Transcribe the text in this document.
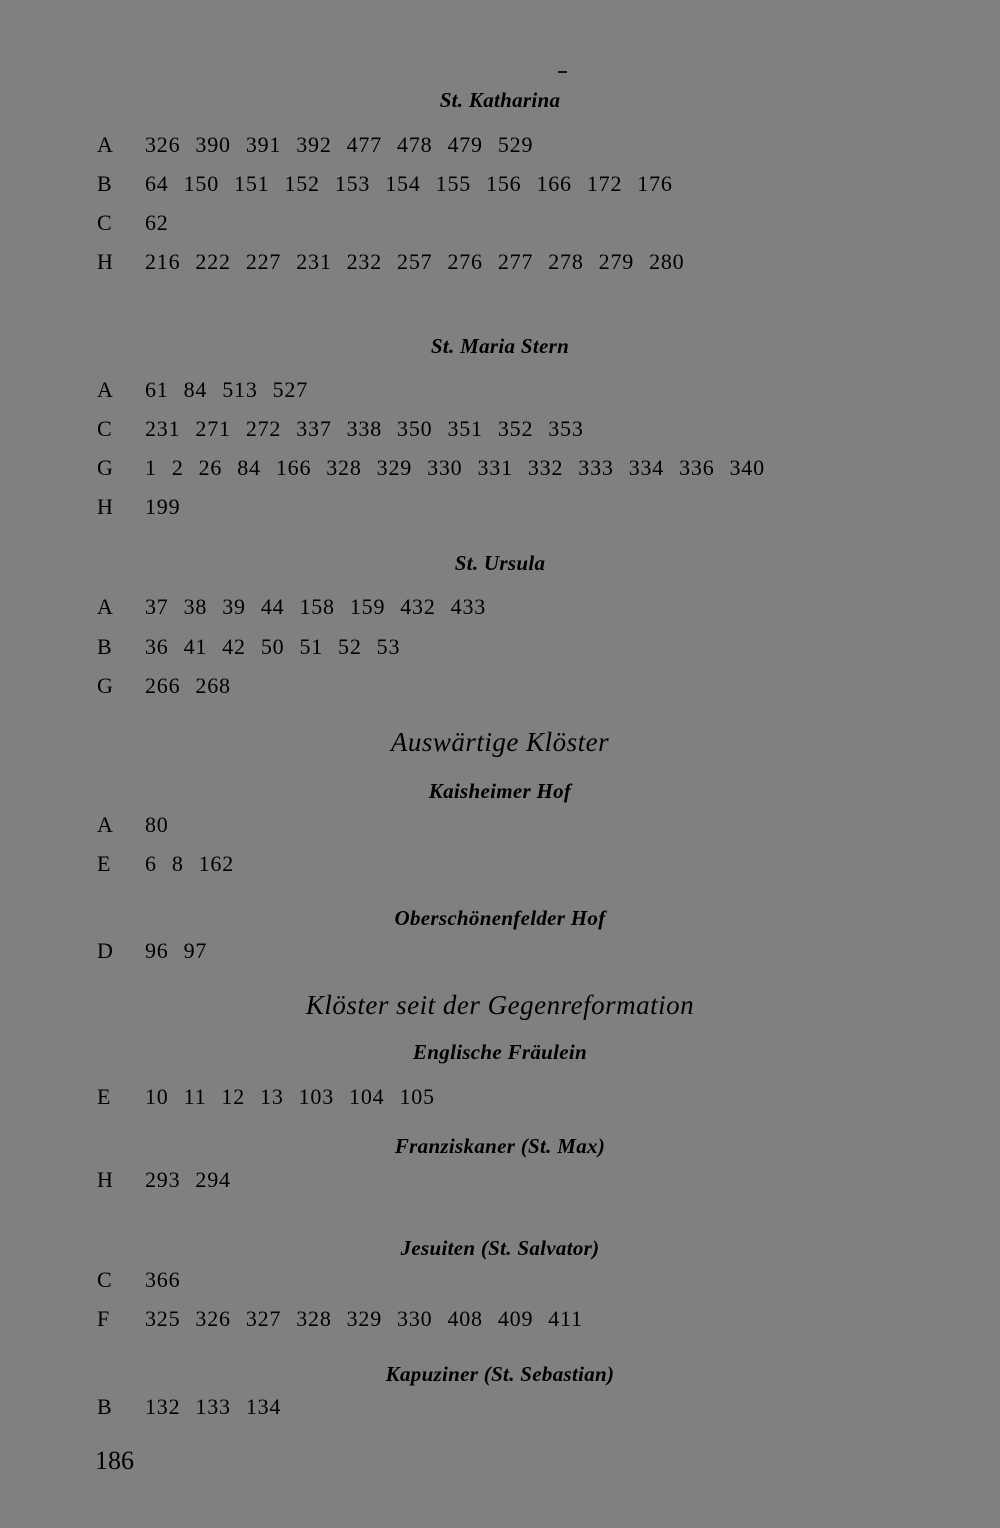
St. Katharina
A 326 390 391 392 477 478 479 529
B 64 150 151 152 153 154 155 156 166 172 176
C 62
H 216 222 227 231 232 257 276 277 278 279 280
St. Maria Stern
A 61 84 513 527
C 231 271 272 337 338 350 351 352 353
G 1 2 26 84 166 328 329 330 331 332 333 334 336 340
H 199
St. Ursula
A 37 38 39 44 158 159 432 433
B 36 41 42 50 51 52 53
G 266 268
Auswärtige Klöster
Kaisheimer Hof
A 80
E 6 8 162
Oberschönenfelder Hof
D 96 97
Klöster seit der Gegenreformation
Englische Fräulein
E 10 11 12 13 103 104 105
Franziskaner (St. Max)
H 293 294
Jesuiten (St. Salvator)
C 366
F 325 326 327 328 329 330 408 409 411
Kapuziner (St. Sebastian)
B 132 133 134
186
